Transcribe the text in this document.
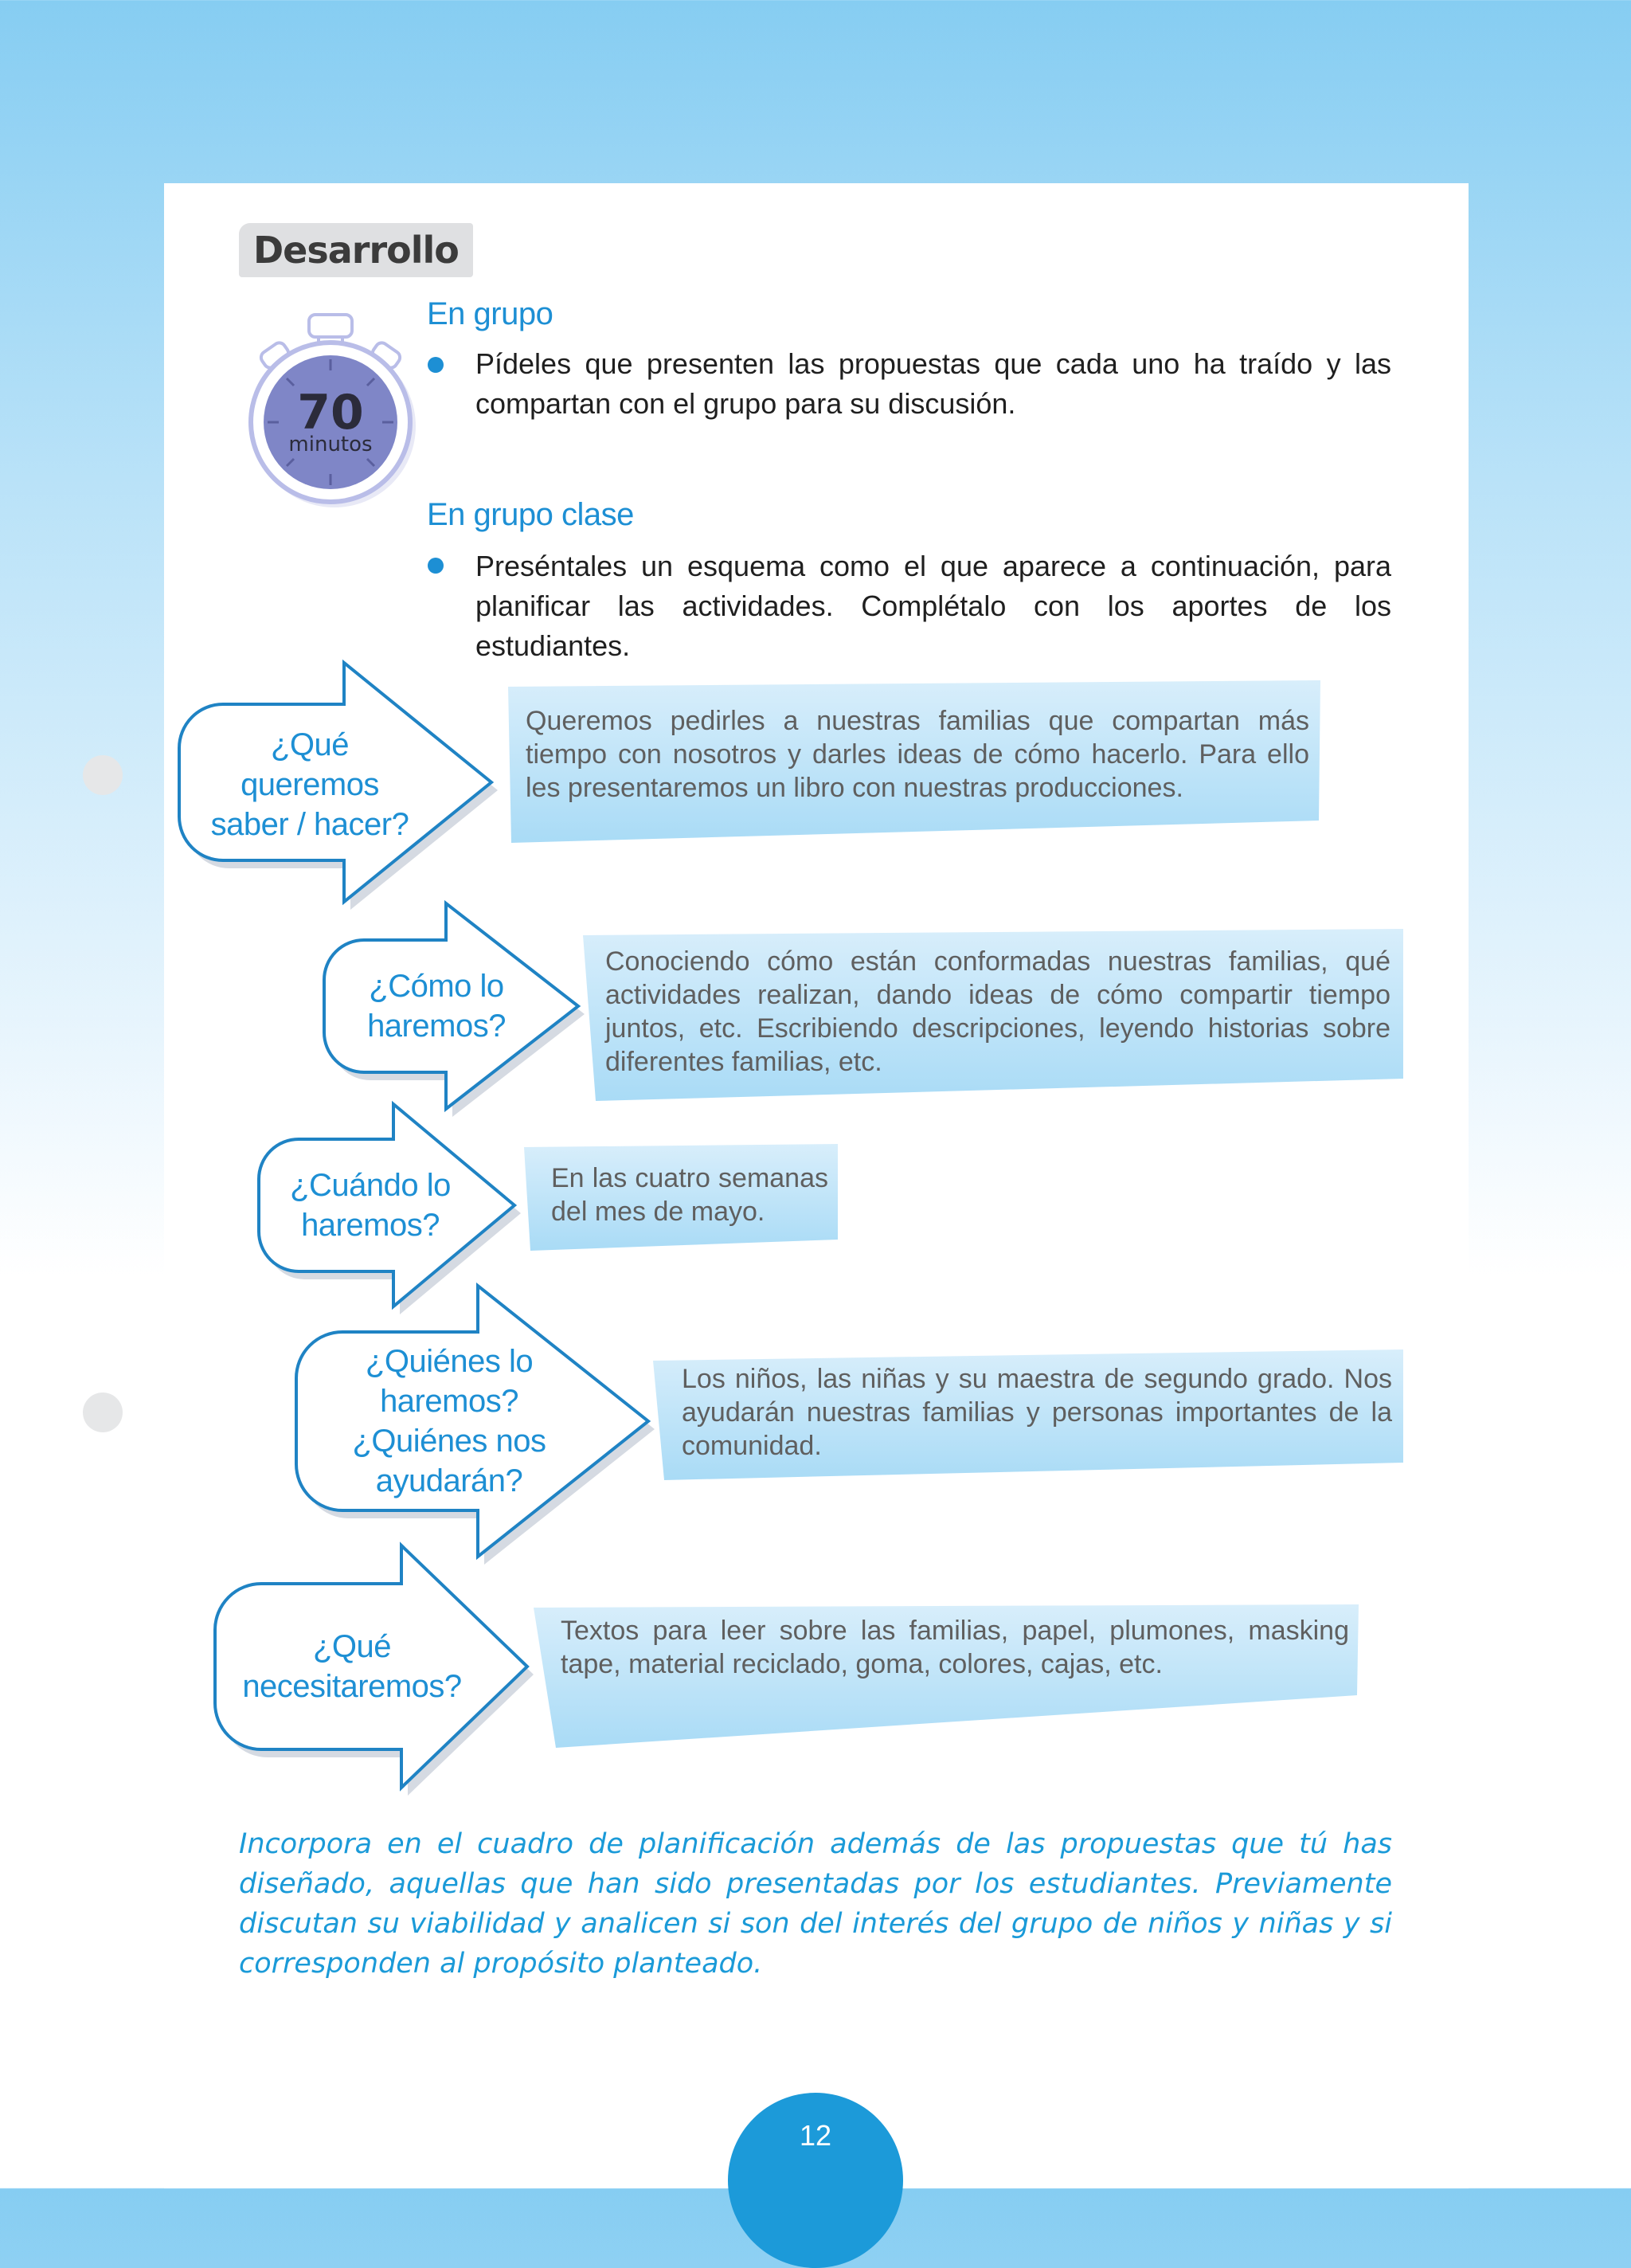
Desarrollo
70
minutos
En grupo
Pídeles que presenten las propuestas que cada uno ha traído y las compartan con el grupo para su discusión.
En grupo clase
Preséntales un esquema como el que aparece a continuación, para planificar las actividades. Complétalo con los aportes de los estudiantes.
¿Qué queremos saber / hacer?
Queremos pedirles a nuestras familias que compartan más tiempo con nosotros y darles ideas de cómo hacerlo. Para ello les presentaremos un libro con nuestras producciones.
¿Cómo lo haremos?
Conociendo cómo están conformadas nuestras familias, qué actividades realizan, dando ideas de cómo compartir tiempo juntos, etc. Escribiendo descripciones, leyendo historias sobre diferentes familias, etc.
¿Cuándo lo haremos?
En las cuatro semanas del mes de mayo.
¿Quiénes lo haremos? ¿Quiénes nos ayudarán?
Los niños, las niñas y su maestra de segundo grado. Nos ayudarán nuestras familias y personas importantes de la comunidad.
¿Qué necesitaremos?
Textos para leer sobre las familias, papel, plumones, masking tape, material reciclado, goma, colores, cajas, etc.
Incorpora en el cuadro de planificación además de las propuestas que tú has diseñado, aquellas que han sido presentadas por los estudiantes. Previamente discutan su viabilidad y analicen si son del interés del grupo de niños y niñas y si corresponden al propósito planteado.
12
